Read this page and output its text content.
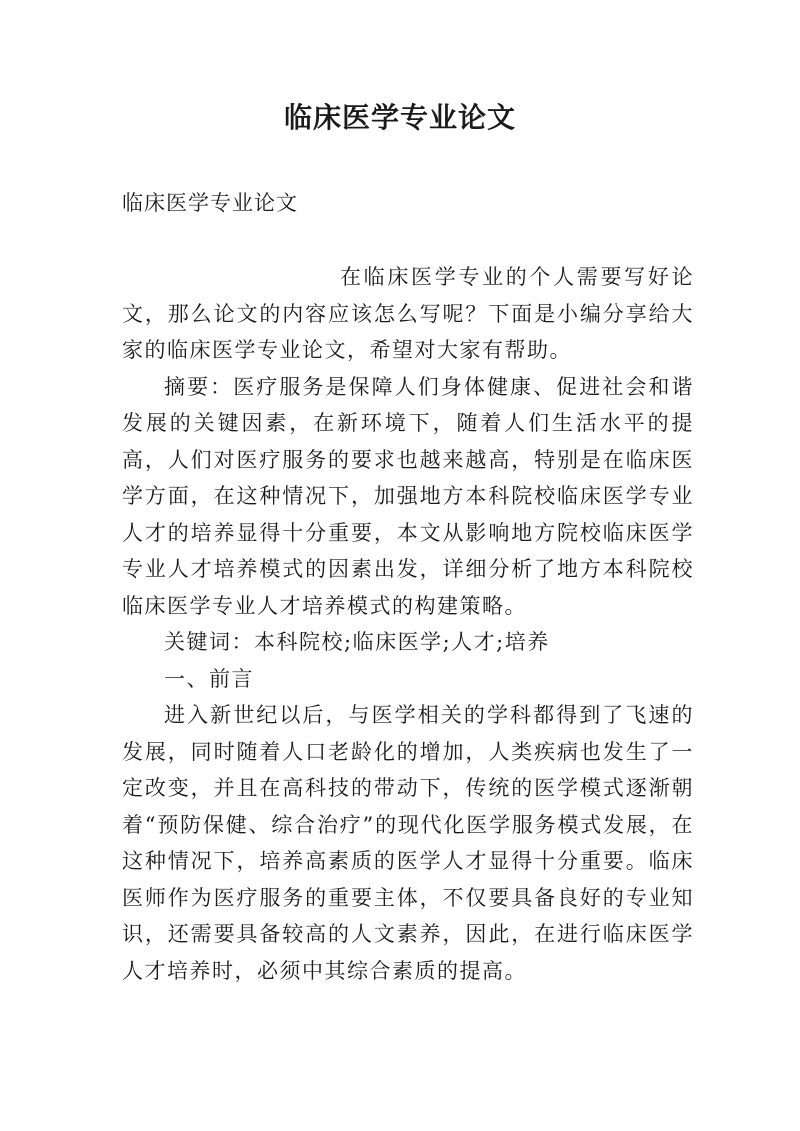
临床医学专业论文

临床医学专业论文

在临床医学专业的个人需要写好论文，那么论文的内容应该怎么写呢？下面是小编分享给大家的临床医学专业论文，希望对大家有帮助。

摘要：医疗服务是保障人们身体健康、促进社会和谐发展的关键因素，在新环境下，随着人们生活水平的提高，人们对医疗服务的要求也越来越高，特别是在临床医学方面，在这种情况下，加强地方本科院校临床医学专业人才的培养显得十分重要，本文从影响地方院校临床医学专业人才培养模式的因素出发，详细分析了地方本科院校临床医学专业人才培养模式的构建策略。

关键词：本科院校;临床医学;人才;培养

一、前言

进入新世纪以后，与医学相关的学科都得到了飞速的发展，同时随着人口老龄化的增加，人类疾病也发生了一定改变，并且在高科技的带动下，传统的医学模式逐渐朝着“预防保健、综合治疗”的现代化医学服务模式发展，在这种情况下，培养高素质的医学人才显得十分重要。临床医师作为医疗服务的重要主体，不仅要具备良好的专业知识，还需要具备较高的人文素养，因此，在进行临床医学人才培养时，必须中其综合素质的提高。
